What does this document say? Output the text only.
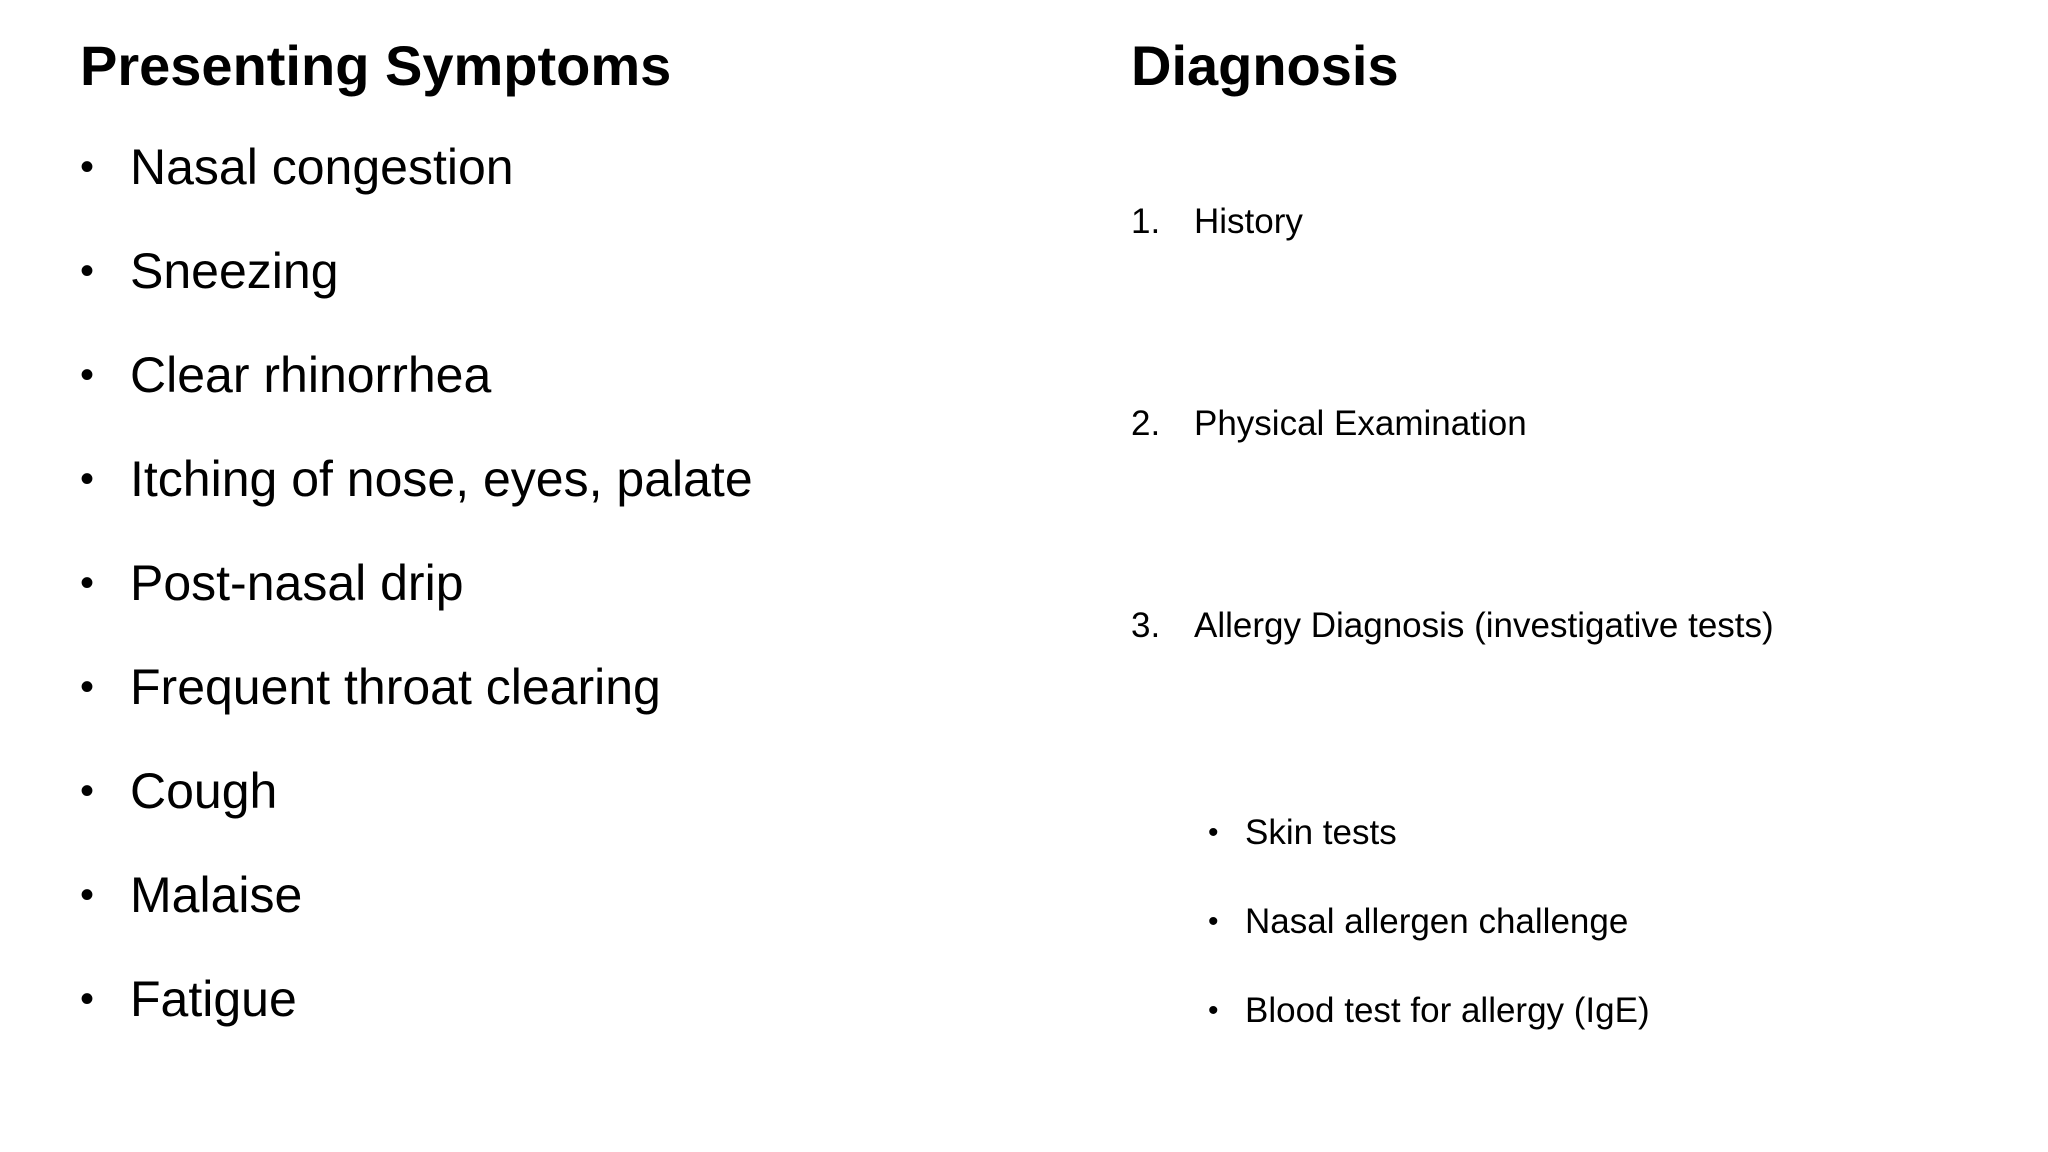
Presenting Symptoms	Diagnosis
• Nasal congestion
• Sneezing
• Clear rhinorrhea
• Itching of nose, eyes, palate
• Post-nasal drip
• Frequent throat clearing
• Cough
• Malaise
• Fatigue
1. History
2. Physical Examination
3. Allergy Diagnosis (investigative tests)
• Skin tests
• Nasal allergen challenge
• Blood test for allergy (IgE)
